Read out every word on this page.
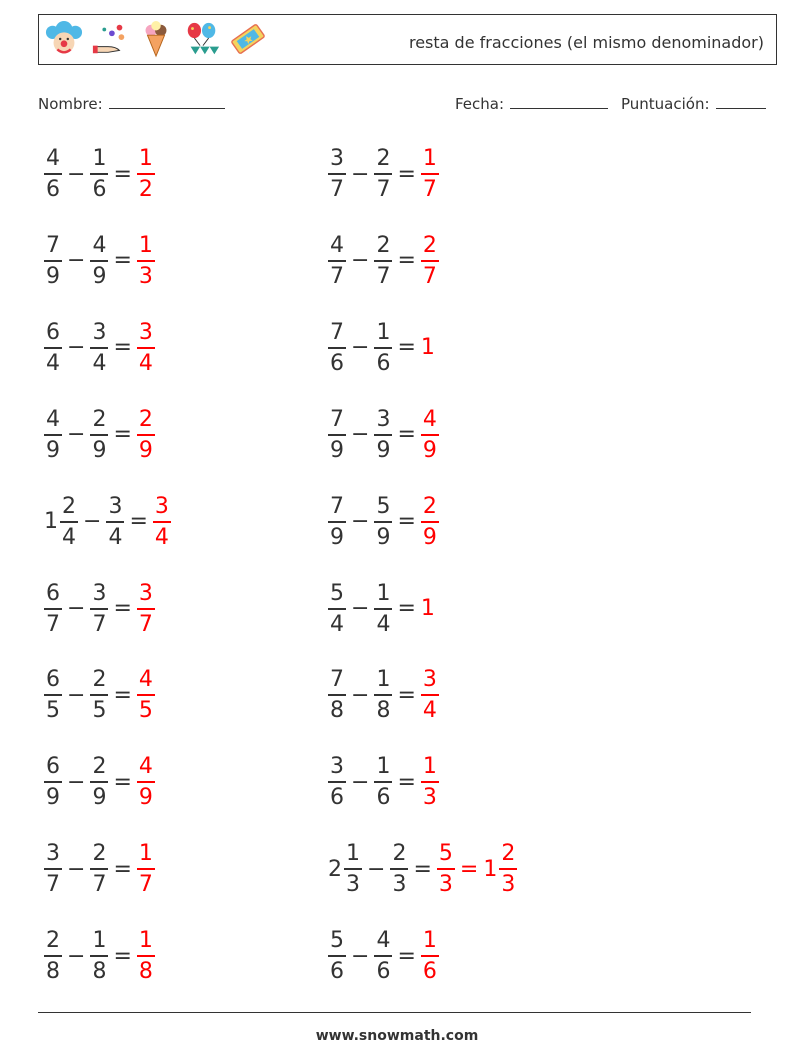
resta de fracciones (el mismo denominador)
Nombre:	Fecha:	Puntuación:
$\frac{4}{6} - \frac{1}{6} = \frac{1}{2}$	$\frac{3}{7} - \frac{2}{7} = \frac{1}{7}$
$\frac{7}{9} - \frac{4}{9} = \frac{1}{3}$	$\frac{4}{7} - \frac{2}{7} = \frac{2}{7}$
$\frac{6}{4} - \frac{3}{4} = \frac{3}{4}$	$\frac{7}{6} - \frac{1}{6} = 1$
$\frac{4}{9} - \frac{2}{9} = \frac{2}{9}$	$\frac{7}{9} - \frac{3}{9} = \frac{4}{9}$
$1 \frac{2}{4} - \frac{3}{4} = \frac{3}{4}$	$\frac{7}{9} - \frac{5}{9} = \frac{2}{9}$
$\frac{6}{7} - \frac{3}{7} = \frac{3}{7}$	$\frac{5}{4} - \frac{1}{4} = 1$
$\frac{6}{5} - \frac{2}{5} = \frac{4}{5}$	$\frac{7}{8} - \frac{1}{8} = \frac{3}{4}$
$\frac{6}{9} - \frac{2}{9} = \frac{4}{9}$	$\frac{3}{6} - \frac{1}{6} = \frac{1}{3}$
$\frac{3}{7} - \frac{2}{7} = \frac{1}{7}$	$2 \frac{1}{3} - \frac{2}{3} = \frac{5}{3} = 1 \frac{2}{3}$
$\frac{2}{8} - \frac{1}{8} = \frac{1}{8}$	$\frac{5}{6} - \frac{4}{6} = \frac{1}{6}$
www.snowmath.com
